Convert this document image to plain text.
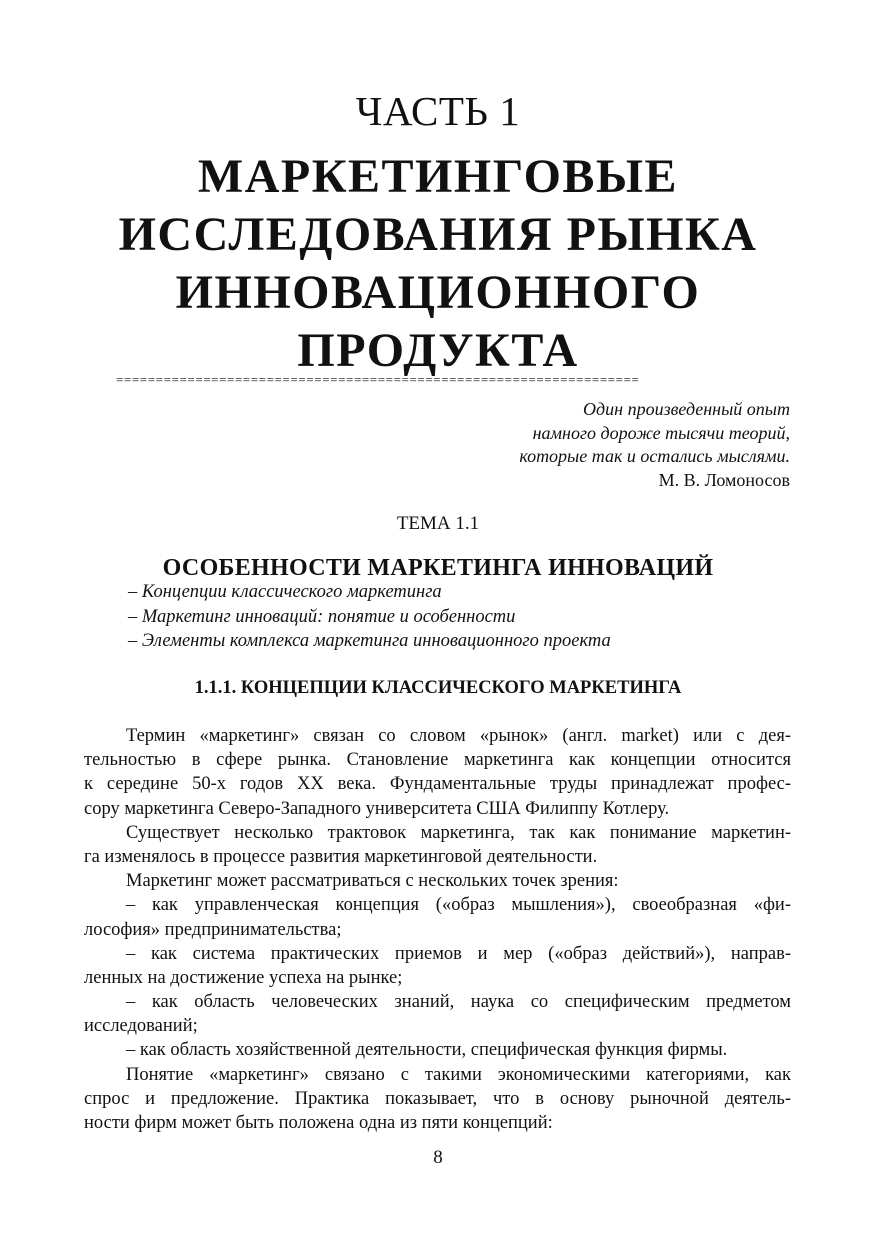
ЧАСТЬ 1
МАРКЕТИНГОВЫЕ
ИССЛЕДОВАНИЯ РЫНКА
ИННОВАЦИОННОГО
ПРОДУКТА
==================================================================
Один произведенный опыт
намного дороже тысячи теорий,
которые так и остались мыслями.
М. В. Ломоносов
ТЕМА 1.1
ОСОБЕННОСТИ МАРКЕТИНГА ИННОВАЦИЙ
– Концепции классического маркетинга
– Маркетинг инноваций: понятие и особенности
– Элементы комплекса маркетинга инновационного проекта
1.1.1. КОНЦЕПЦИИ КЛАССИЧЕСКОГО МАРКЕТИНГА
Термин «маркетинг» связан со словом «рынок» (англ. market) или с дея-
тельностью в сфере рынка. Становление маркетинга как концепции относится
к середине 50-х годов XX века. Фундаментальные труды принадлежат профес-
сору маркетинга Северо-Западного университета США Филиппу Котлеру.
Существует несколько трактовок маркетинга, так как понимание маркетин-
га изменялось в процессе развития маркетинговой деятельности.
Маркетинг может рассматриваться с нескольких точек зрения:
– как управленческая концепция («образ мышления»), своеобразная «фи-
лософия» предпринимательства;
– как система практических приемов и мер («образ действий»), направ-
ленных на достижение успеха на рынке;
– как область человеческих знаний, наука со специфическим предметом
исследований;
– как область хозяйственной деятельности, специфическая функция фирмы.
Понятие «маркетинг» связано с такими экономическими категориями, как
спрос и предложение. Практика показывает, что в основу рыночной деятель-
ности фирм может быть положена одна из пяти концепций:
8
